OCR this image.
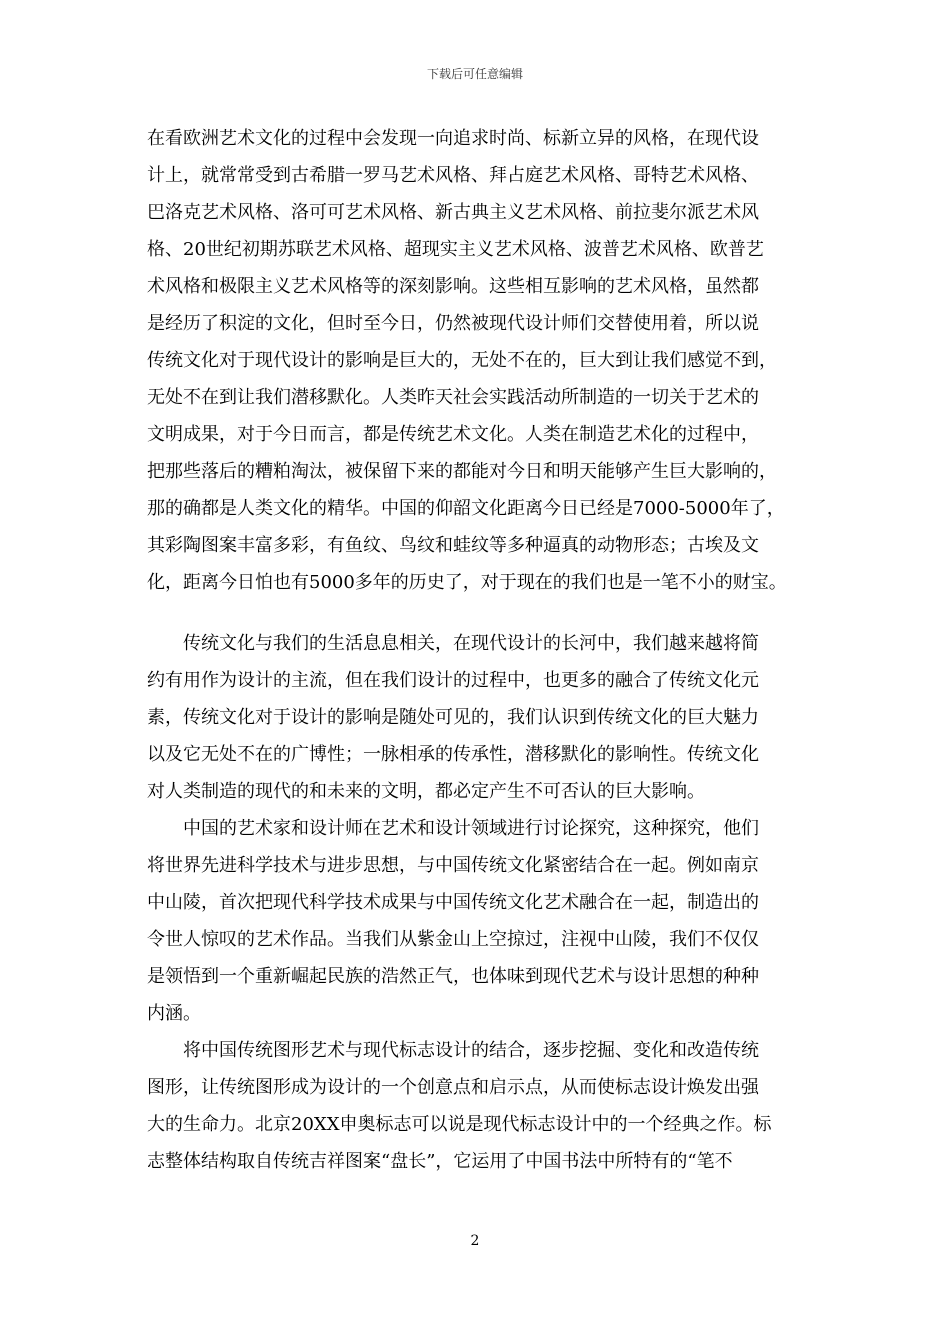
下载后可任意编辑
在看欧洲艺术文化的过程中会发现一向追求时尚、标新立异的风格，在现代设
计上，就常常受到古希腊一罗马艺术风格、拜占庭艺术风格、哥特艺术风格、
巴洛克艺术风格、洛可可艺术风格、新古典主义艺术风格、前拉斐尔派艺术风
格、20世纪初期苏联艺术风格、超现实主义艺术风格、波普艺术风格、欧普艺
术风格和极限主义艺术风格等的深刻影响。这些相互影响的艺术风格，虽然都
是经历了积淀的文化，但时至今日，仍然被现代设计师们交替使用着，所以说
传统文化对于现代设计的影响是巨大的，无处不在的，巨大到让我们感觉不到，
无处不在到让我们潜移默化。人类昨天社会实践活动所制造的一切关于艺术的
文明成果，对于今日而言，都是传统艺术文化。人类在制造艺术化的过程中，
把那些落后的糟粕淘汰，被保留下来的都能对今日和明天能够产生巨大影响的，
那的确都是人类文化的精华。中国的仰韶文化距离今日已经是7000-5000年了，
其彩陶图案丰富多彩，有鱼纹、鸟纹和蛙纹等多种逼真的动物形态；古埃及文
化，距离今日怕也有5000多年的历史了，对于现在的我们也是一笔不小的财宝。
传统文化与我们的生活息息相关，在现代设计的长河中，我们越来越将简
约有用作为设计的主流，但在我们设计的过程中，也更多的融合了传统文化元
素，传统文化对于设计的影响是随处可见的，我们认识到传统文化的巨大魅力
以及它无处不在的广博性；一脉相承的传承性，潜移默化的影响性。传统文化
对人类制造的现代的和未来的文明，都必定产生不可否认的巨大影响。
中国的艺术家和设计师在艺术和设计领域进行讨论探究，这种探究，他们
将世界先进科学技术与进步思想，与中国传统文化紧密结合在一起。例如南京
中山陵，首次把现代科学技术成果与中国传统文化艺术融合在一起，制造出的
令世人惊叹的艺术作品。当我们从紫金山上空掠过，注视中山陵，我们不仅仅
是领悟到一个重新崛起民族的浩然正气，也体味到现代艺术与设计思想的种种
内涵。
将中国传统图形艺术与现代标志设计的结合，逐步挖掘、变化和改造传统
图形，让传统图形成为设计的一个创意点和启示点，从而使标志设计焕发出强
大的生命力。北京20XX申奥标志可以说是现代标志设计中的一个经典之作。标
志整体结构取自传统吉祥图案“盘长”，它运用了中国书法中所特有的“笔不
2
